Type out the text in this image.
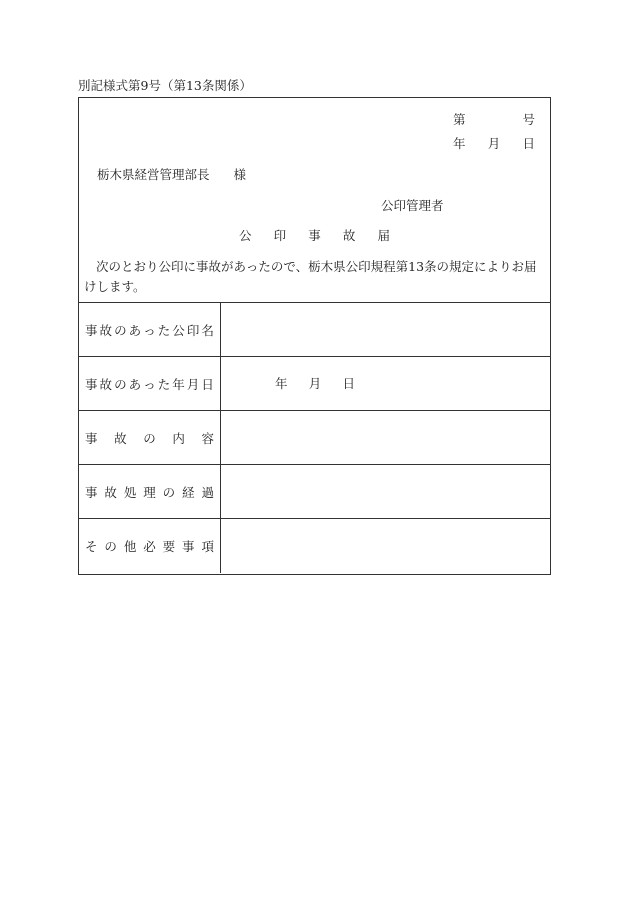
別記様式第9号（第13条関係）
第	号
年 月 日
栃木県経営管理部長 様
公印管理者
公 印 事 故 届
次のとおり公印に事故があったので、栃木県公印規程第13条の規定によりお届けします。
事 故 の あ っ た 公 印 名
事 故 の あ っ た 年 月 日	年 月 日
事 故 の 内 容
事 故 処 理 の 経 過
そ の 他 必 要 事 項
